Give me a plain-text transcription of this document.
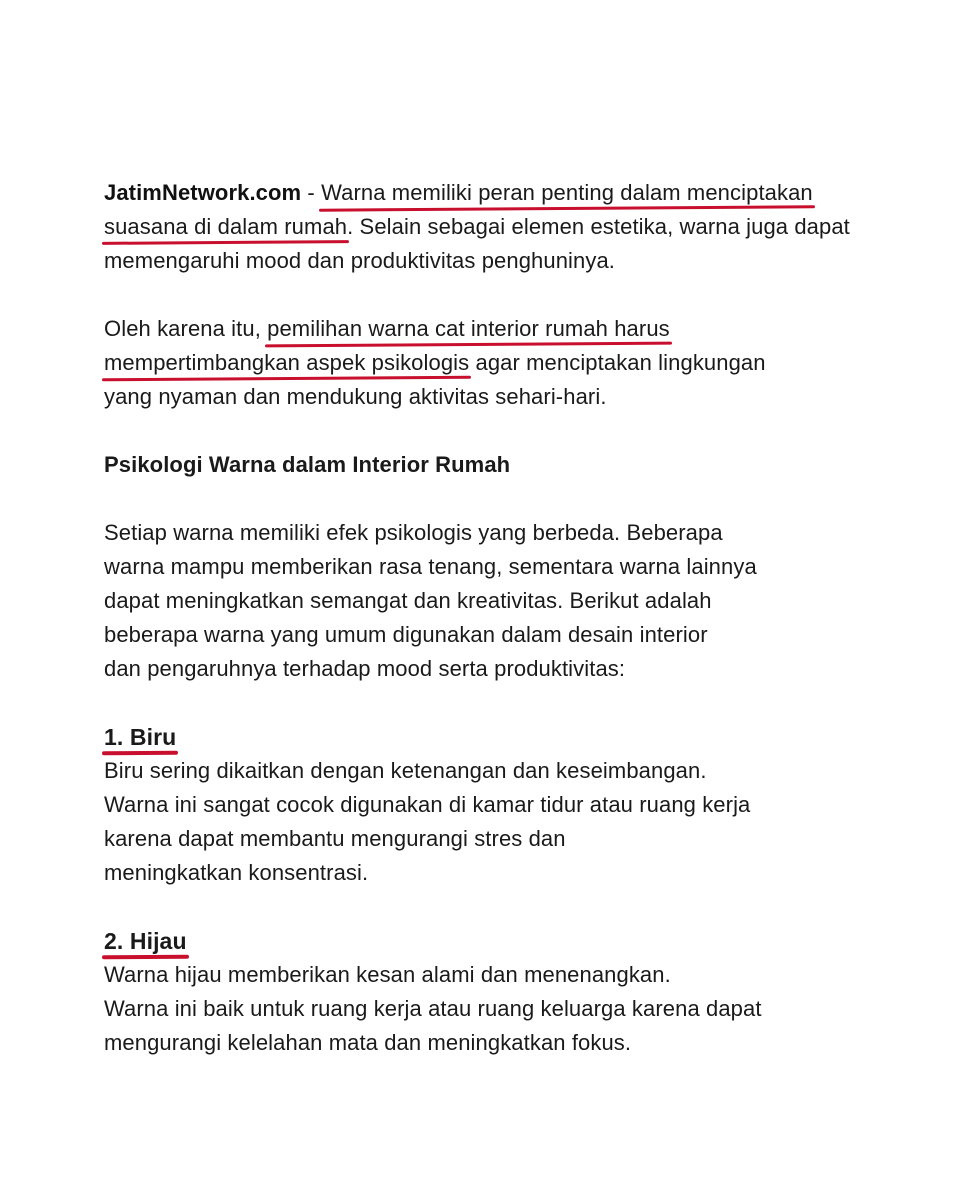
JatimNetwork.com - Warna memiliki peran penting dalam menciptakan
suasana di dalam rumah. Selain sebagai elemen estetika, warna juga dapat
memengaruhi mood dan produktivitas penghuninya.

Oleh karena itu, pemilihan warna cat interior rumah harus
mempertimbangkan aspek psikologis agar menciptakan lingkungan
yang nyaman dan mendukung aktivitas sehari-hari.

Psikologi Warna dalam Interior Rumah

Setiap warna memiliki efek psikologis yang berbeda. Beberapa
warna mampu memberikan rasa tenang, sementara warna lainnya
dapat meningkatkan semangat dan kreativitas. Berikut adalah
beberapa warna yang umum digunakan dalam desain interior
dan pengaruhnya terhadap mood serta produktivitas:

1. Biru
Biru sering dikaitkan dengan ketenangan dan keseimbangan.
Warna ini sangat cocok digunakan di kamar tidur atau ruang kerja
karena dapat membantu mengurangi stres dan
meningkatkan konsentrasi.
2. Hijau
Warna hijau memberikan kesan alami dan menenangkan.
Warna ini baik untuk ruang kerja atau ruang keluarga karena dapat
mengurangi kelelahan mata dan meningkatkan fokus.
